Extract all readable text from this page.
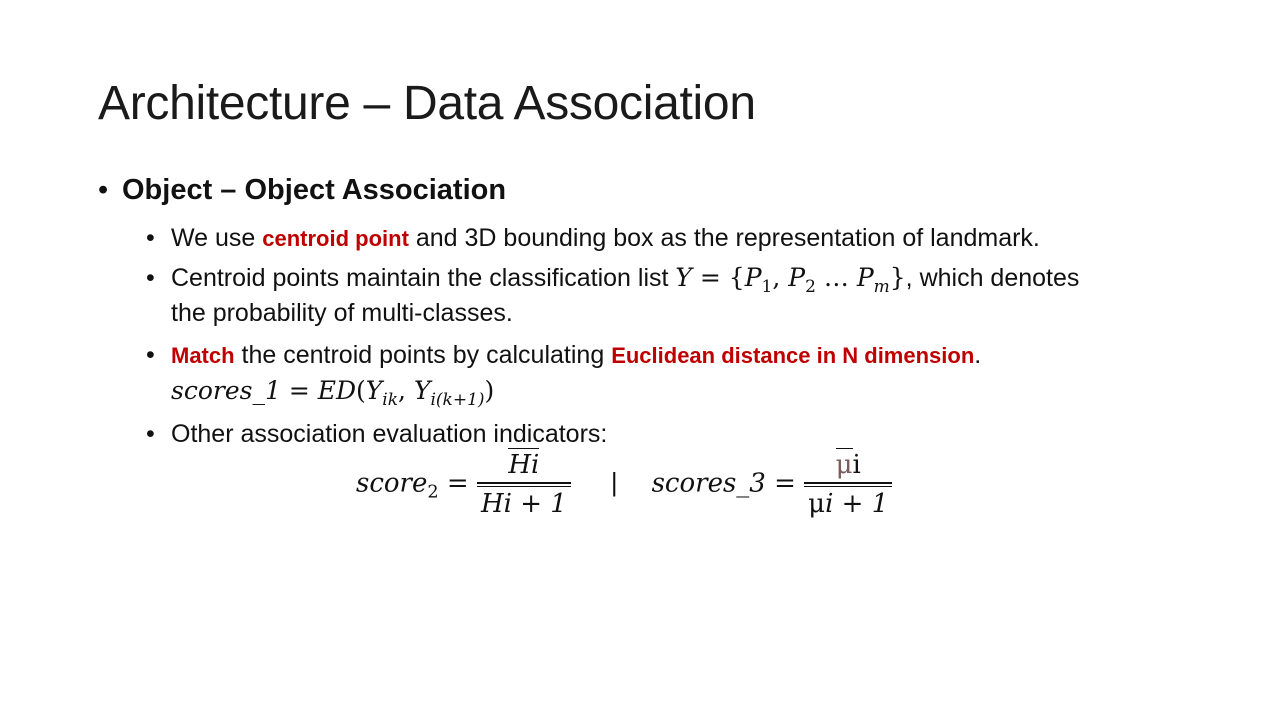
Architecture – Data Association
• Object – Object Association
• We use centroid point and 3D bounding box as the representation of landmark.
• Centroid points maintain the classification list $Y = \{P_1$, $P_2$ … $P_m$}, which denotes
the probability of multi-classes.
• Match the centroid points by calculating Euclidean distance in N dimension.
scores_1 = $ED(Y_{ik}$, $Y_{i(k+1)}$)
• Other association evaluation indicators:
score$_2$ =
Hi
Hi + 1
| scores_3 =
μi
μi + 1
